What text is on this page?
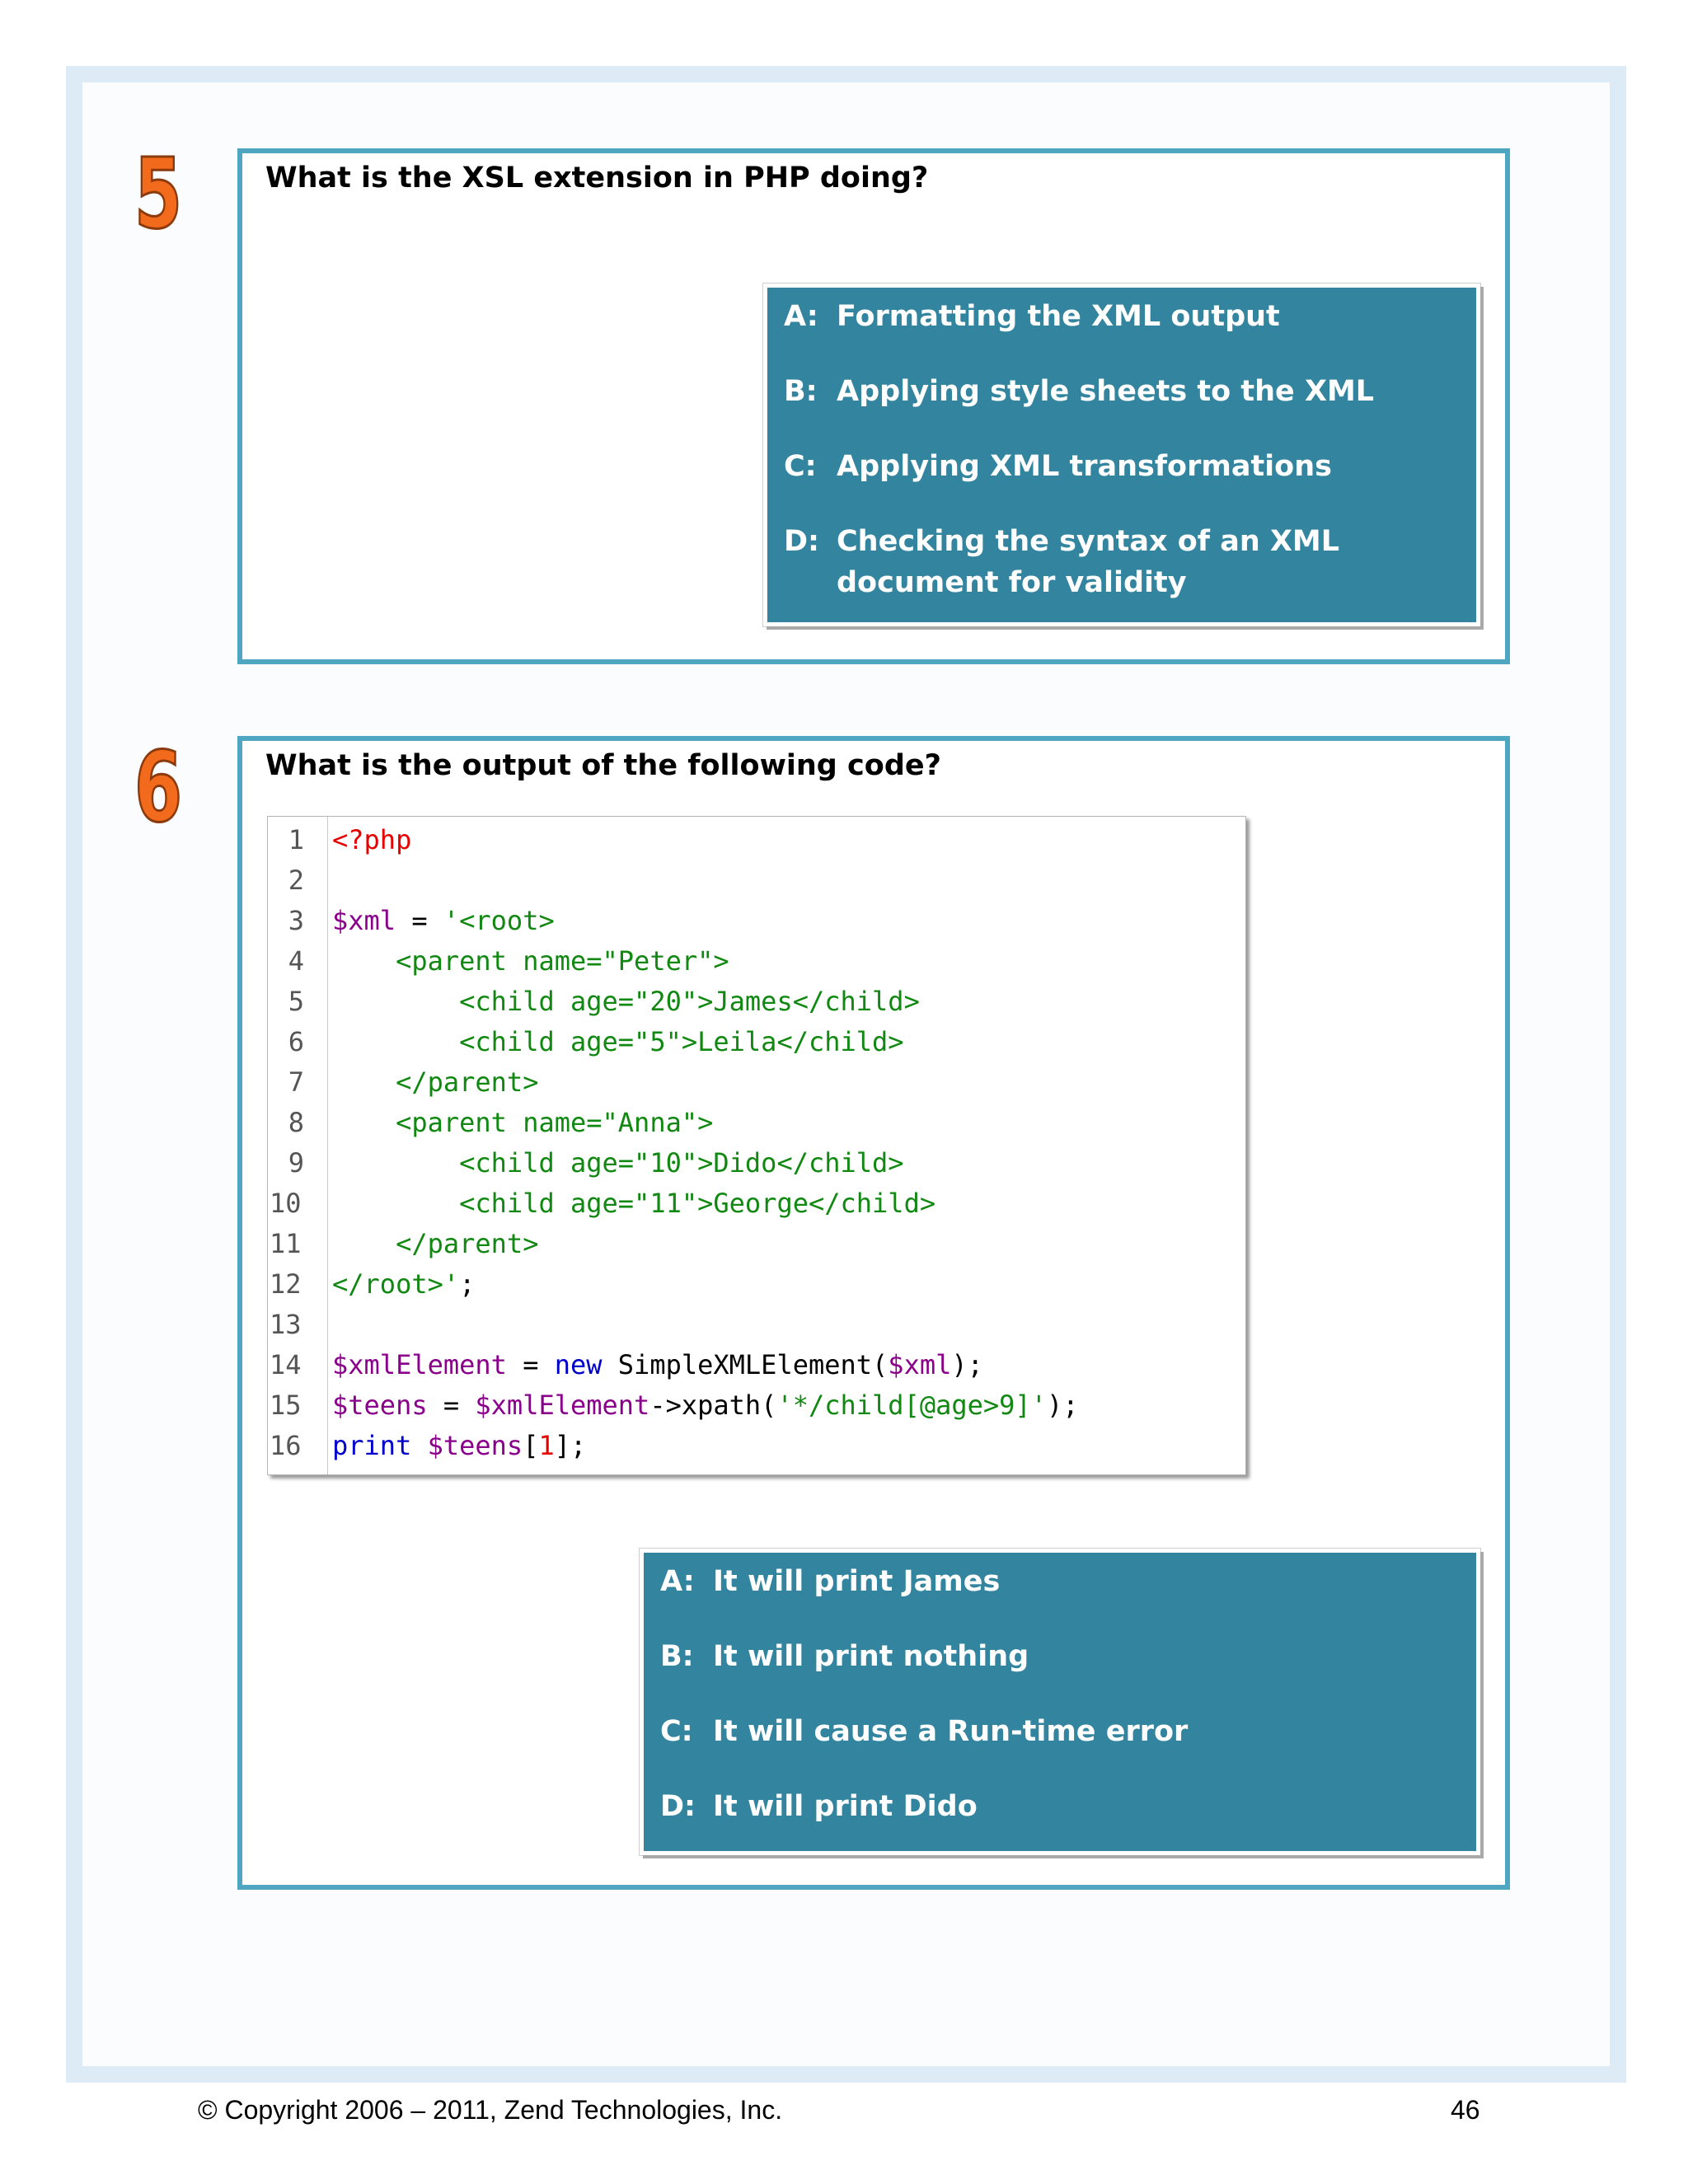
5	What is the XSL extension in PHP doing?

A: Formatting the XML output
B: Applying style sheets to the XML
C: Applying XML transformations
D: Checking the syntax of an XML
document for validity
6	What is the output of the following code?

1 <?php
2
3 $xml = '<root>
4 <parent name="Peter">
5 <child age="20">James</child>
6 <child age="5">Leila</child>
7 </parent>
8 <parent name="Anna">
9 <child age="10">Dido</child>
10 <child age="11">George</child>
11 </parent>
12 </root>';
13
14 $xmlElement = new SimpleXMLElement($xml);
15 $teens = $xmlElement->xpath('*/child[@age>9]');
16 print $teens[1];
A: It will print James
B: It will print nothing
C: It will cause a Run-time error
D: It will print Dido
© Copyright 2006 – 2011, Zend Technologies, Inc.	46
